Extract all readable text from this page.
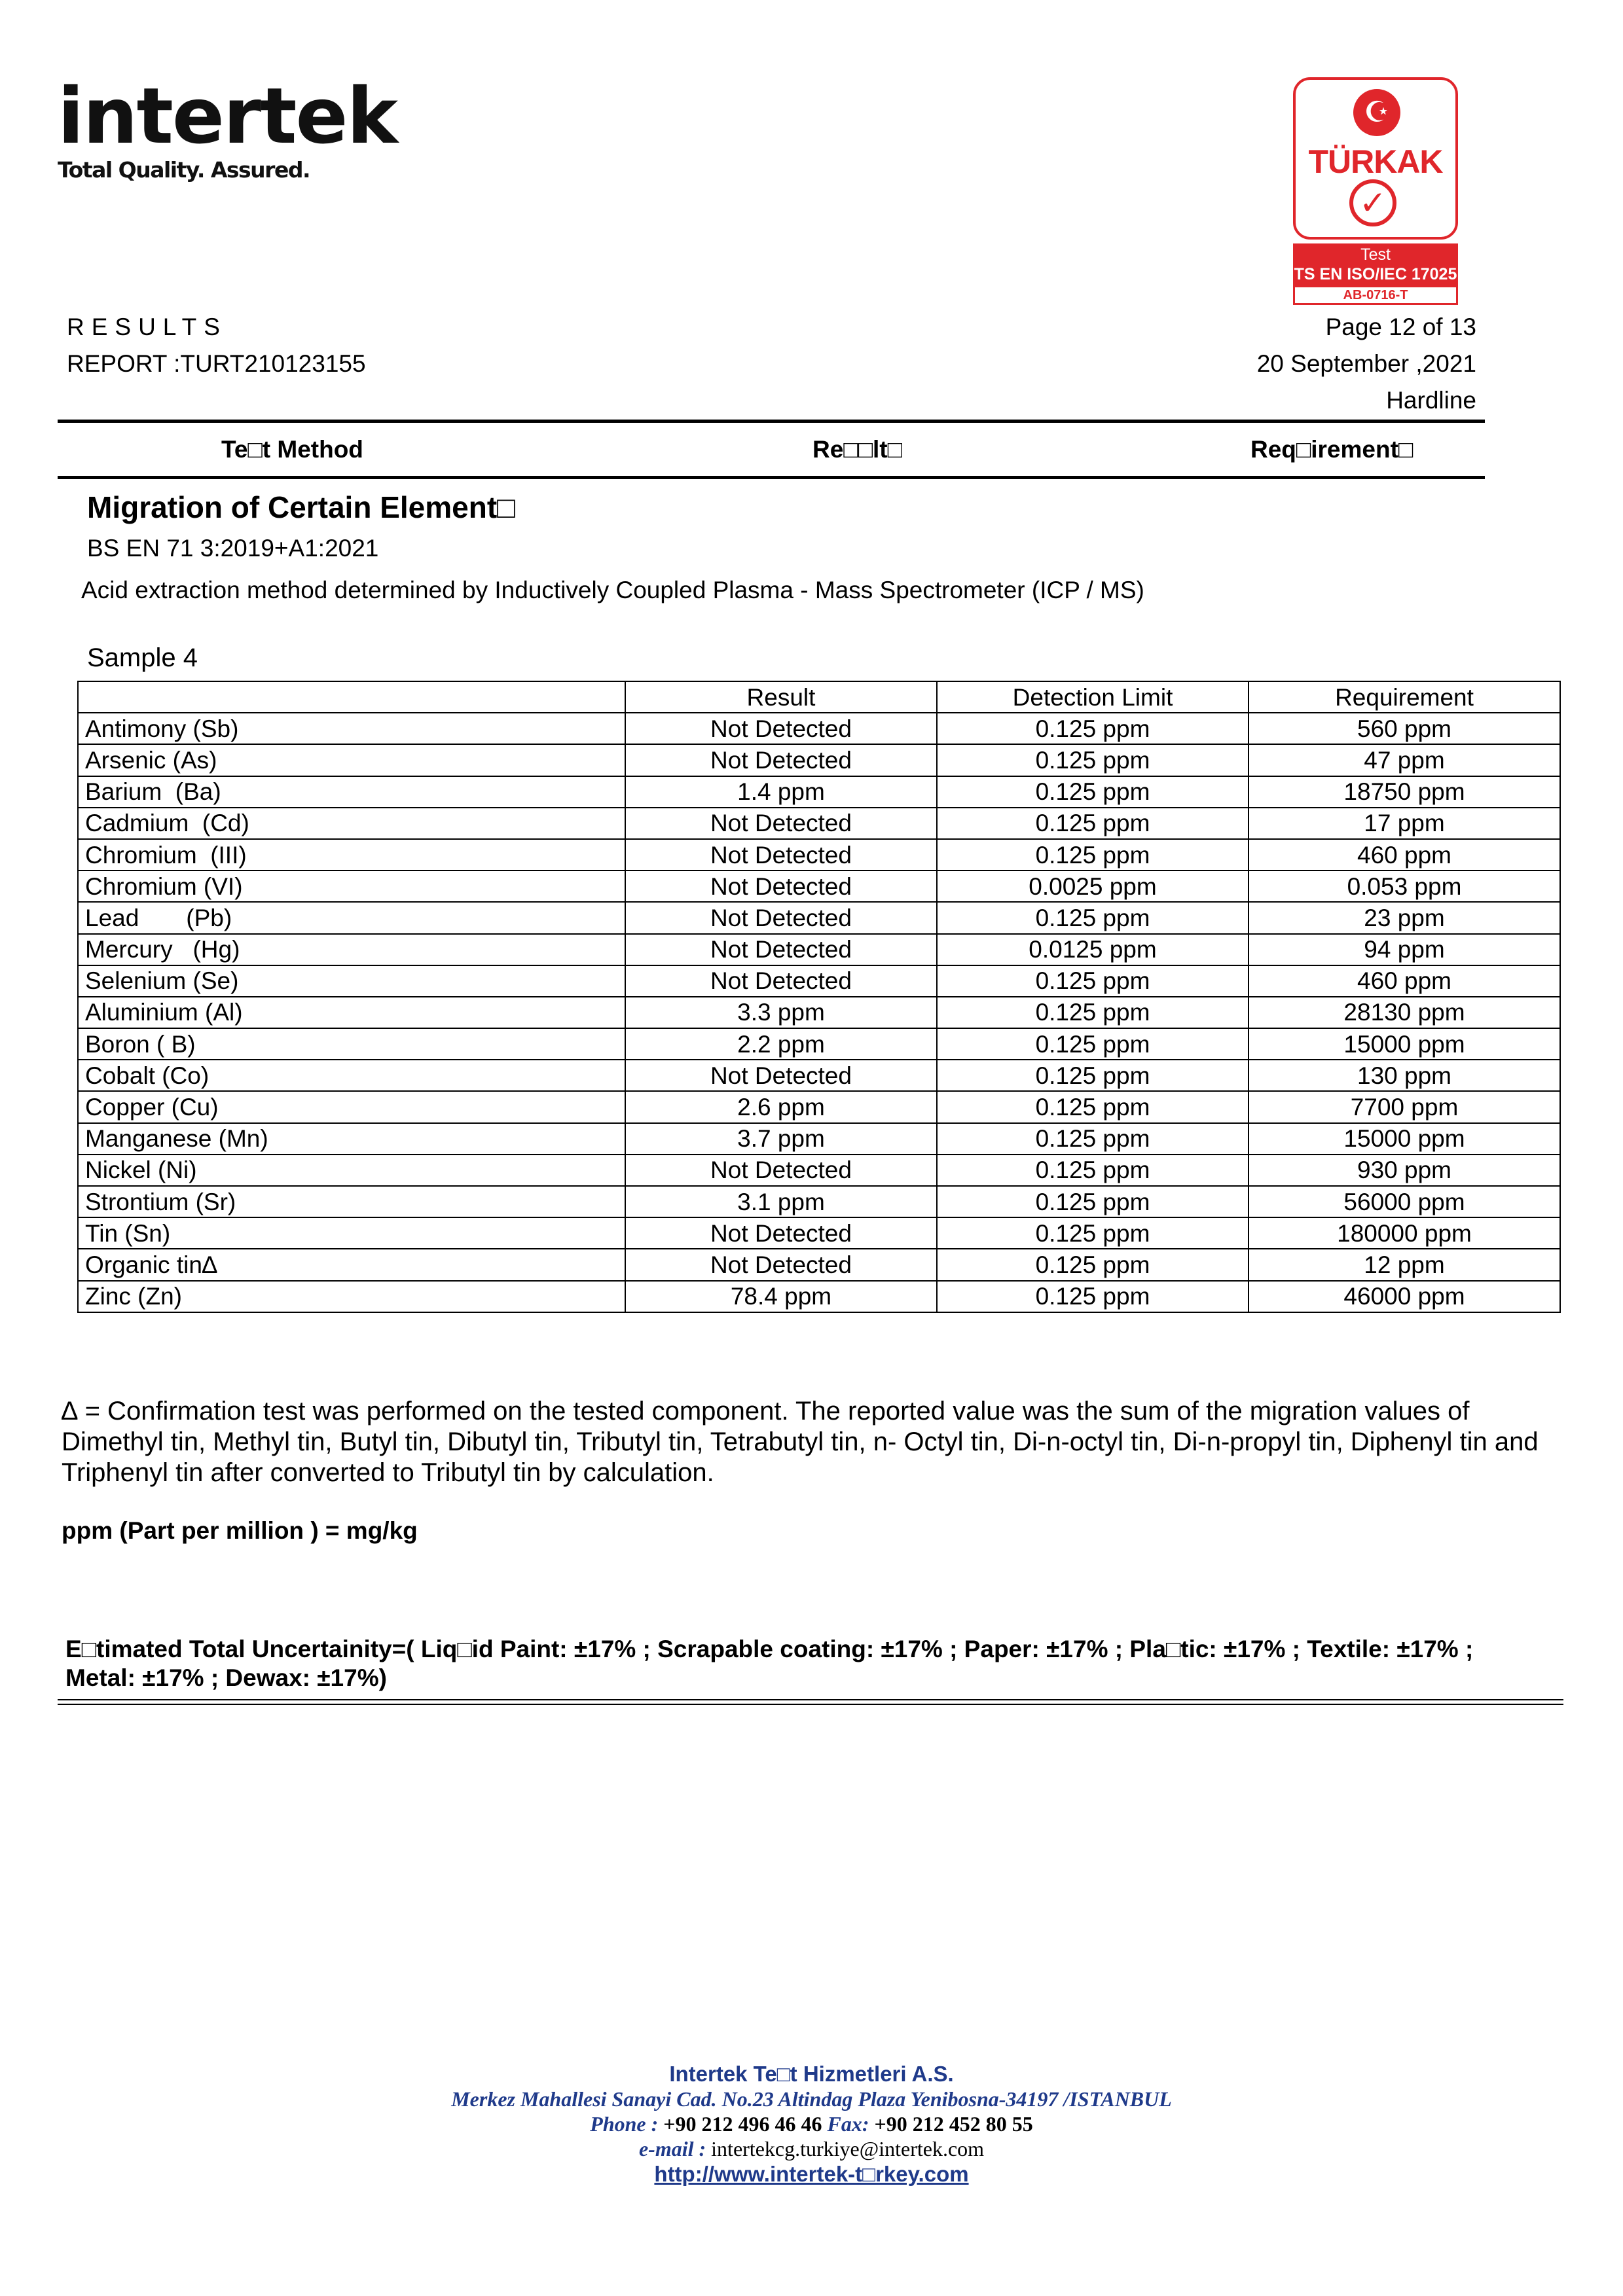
intertek
Total Quality. Assured.
☪
TÜRKAK
✓
Test
TS EN ISO/IEC 17025
AB-0716-T
RESULTS
REPORT :TURT210123155
Page 12 of 13
20 September ,2021
Hardline
Te□t Method	Re□□lt□	Req□irement□
Migration of Certain Element□
BS EN 71 3:2019+A1:2021
Acid extraction method determined by Inductively Coupled Plasma - Mass Spectrometer (ICP / MS)
Sample 4
	Result	Detection Limit	Requirement
Antimony (Sb)	Not Detected	0.125 ppm	560 ppm
Arsenic (As)	Not Detected	0.125 ppm	47 ppm
Barium  (Ba)	1.4 ppm	0.125 ppm	18750 ppm
Cadmium  (Cd)	Not Detected	0.125 ppm	17 ppm
Chromium  (III)	Not Detected	0.125 ppm	460 ppm
Chromium (VI)	Not Detected	0.0025 ppm	0.053 ppm
Lead       (Pb)	Not Detected	0.125 ppm	23 ppm
Mercury   (Hg)	Not Detected	0.0125 ppm	94 ppm
Selenium (Se)	Not Detected	0.125 ppm	460 ppm
Aluminium (Al)	3.3 ppm	0.125 ppm	28130 ppm
Boron ( B)	2.2 ppm	0.125 ppm	15000 ppm
Cobalt (Co)	Not Detected	0.125 ppm	130 ppm
Copper (Cu)	2.6 ppm	0.125 ppm	7700 ppm
Manganese (Mn)	3.7 ppm	0.125 ppm	15000 ppm
Nickel (Ni)	Not Detected	0.125 ppm	930 ppm
Strontium (Sr)	3.1 ppm	0.125 ppm	56000 ppm
Tin (Sn)	Not Detected	0.125 ppm	180000 ppm
Organic tin∆	Not Detected	0.125 ppm	12 ppm
Zinc (Zn)	78.4 ppm	0.125 ppm	46000 ppm
∆ = Confirmation test was performed on the tested component. The reported value was the sum of the migration values of Dimethyl tin, Methyl tin, Butyl tin, Dibutyl tin, Tributyl tin, Tetrabutyl tin, n- Octyl tin, Di-n-octyl tin, Di-n-propyl tin, Diphenyl tin and Triphenyl tin after converted to Tributyl tin by calculation.
ppm (Part per million ) = mg/kg
E□timated Total Uncertainity=( Liq□id Paint: ±17% ; Scrapable coating: ±17% ; Paper: ±17% ; Pla□tic: ±17% ; Textile: ±17% ;
Metal: ±17% ; Dewax: ±17%)
Intertek Te□t Hizmetleri A.S.
Merkez Mahallesi Sanayi Cad. No.23 Altindag Plaza Yenibosna-34197 /ISTANBUL
Phone : +90 212 496 46 46 Fax: +90 212 452 80 55
e-mail : intertekcg.turkiye@intertek.com
http://www.intertek-t□rkey.com
